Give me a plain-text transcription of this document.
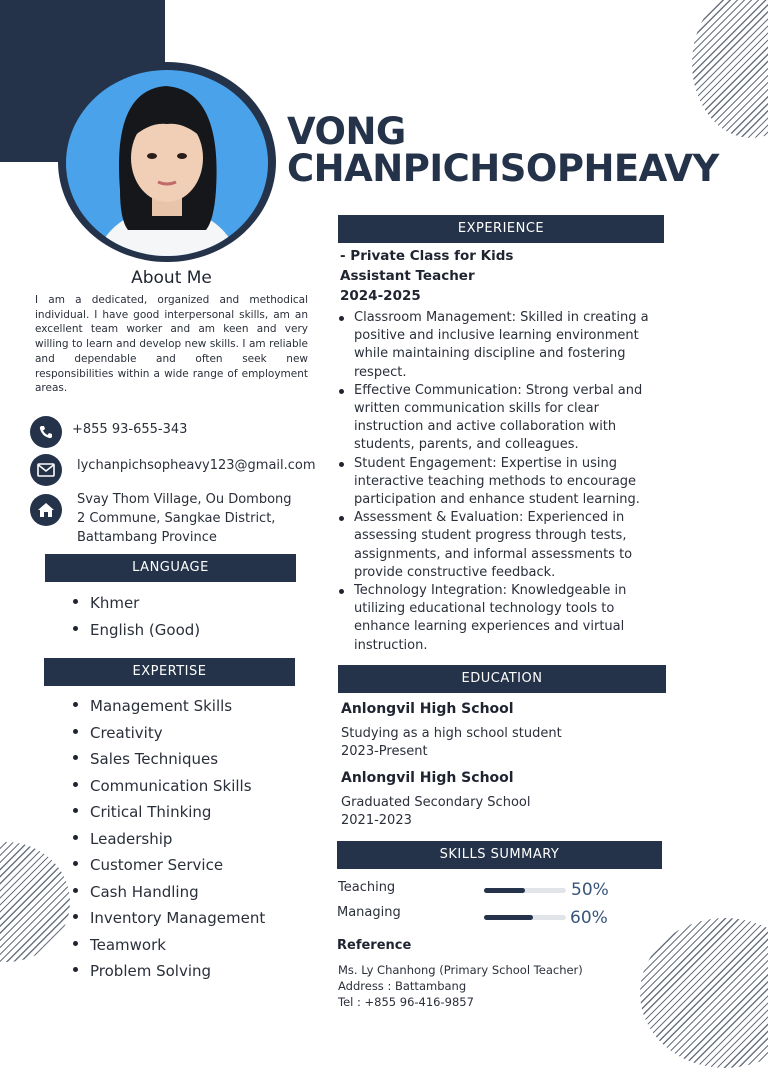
VONG
CHANPICHSOPHEAVY
About Me
I am a dedicated, organized and methodical individual. I have good interpersonal skills, am an excellent team worker and am keen and very willing to learn and develop new skills. I am reliable and dependable and often seek new responsibilities within a wide range of employment areas.
+855 93-655-343
lychanpichsopheavy123@gmail.com
Svay Thom Village, Ou Dombong
2 Commune, Sangkae District,
Battambang Province
LANGUAGE
Khmer
English (Good)
EXPERTISE
Management Skills
Creativity
Sales Techniques
Communication Skills
Critical Thinking
Leadership
Customer Service
Cash Handling
Inventory Management
Teamwork
Problem Solving
EXPERIENCE
- Private Class for Kids
Assistant Teacher
2024-2025
Classroom Management: Skilled in creating a positive and inclusive learning environment while maintaining discipline and fostering respect.
Effective Communication: Strong verbal and written communication skills for clear instruction and active collaboration with students, parents, and colleagues.
Student Engagement: Expertise in using interactive teaching methods to encourage participation and enhance student learning.
Assessment & Evaluation: Experienced in assessing student progress through tests, assignments, and informal assessments to provide constructive feedback.
Technology Integration: Knowledgeable in utilizing educational technology tools to enhance learning experiences and virtual instruction.
EDUCATION
Anlongvil High School
Studying as a high school student
2023-Present
Anlongvil High School
Graduated Secondary School
2021-2023
SKILLS SUMMARY
Teaching	50%
Managing	60%
Reference
Ms. Ly Chanhong (Primary School Teacher)
Address : Battambang
Tel : +855 96-416-9857
